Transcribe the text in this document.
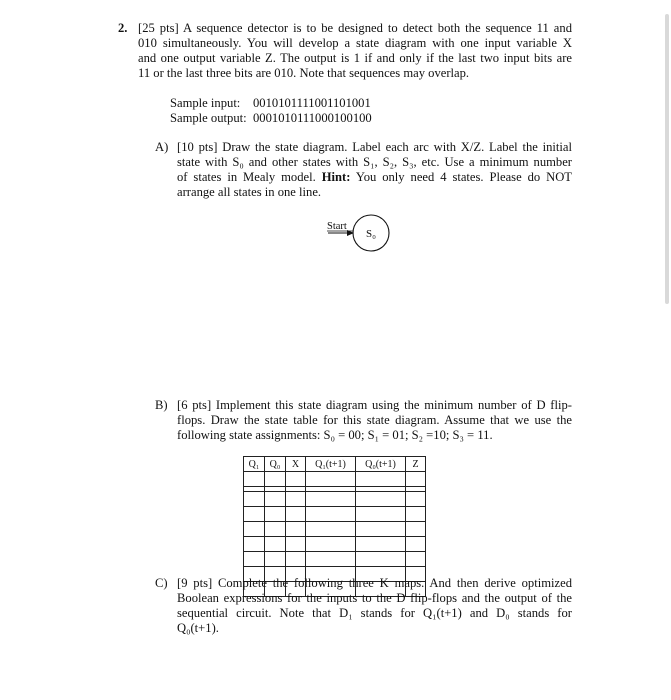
2. [25 pts] A sequence detector is to be designed to detect both the sequence 11 and
010 simultaneously. You will develop a state diagram with one input variable X
and one output variable Z. The output is 1 if and only if the last two input bits are
11 or the last three bits are 010. Note that sequences may overlap.
Sample input: 0010101111001101001
Sample output: 0001010111000100100
A) [10 pts] Draw the state diagram. Label each arc with X/Z. Label the initial
state with S₀ and other states with S₁, S₂, S₃, etc. Use a minimum number
of states in Mealy model. Hint: You only need 4 states. Please do NOT
arrange all states in one line.
Start
S₀
B) [6 pts] Implement this state diagram using the minimum number of D flip-
flops. Draw the state table for this state diagram. Assume that we use the
following state assignments: S₀ = 00; S₁ = 01; S₂ =10; S₃ = 11.
Q₁	Q₀	X	Q₁(t+1)	Q₀(t+1)	Z

C) [9 pts] Complete the following three K maps. And then derive optimized
Boolean expressions for the inputs to the D flip-flops and the output of the
sequential circuit. Note that D₁ stands for Q₁(t+1) and D₀ stands for
Q₀(t+1).
